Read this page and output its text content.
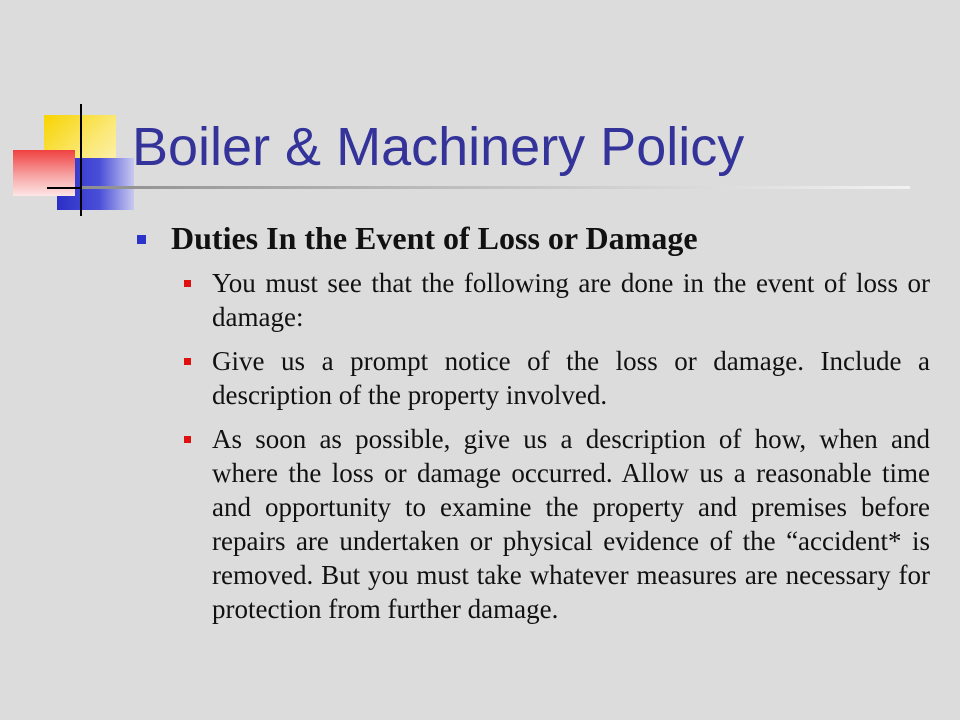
Boiler & Machinery Policy
Duties In the Event of Loss or Damage
You must see that the following are done in the event of loss or damage:
Give us a prompt notice of the loss or damage. Include a description of the property involved.
As soon as possible, give us a description of how, when and where the loss or damage occurred. Allow us a reasonable time and opportunity to examine the property and premises before repairs are undertaken or physical evidence of the “accident* is removed. But you must take whatever measures are necessary for protection from further damage.
